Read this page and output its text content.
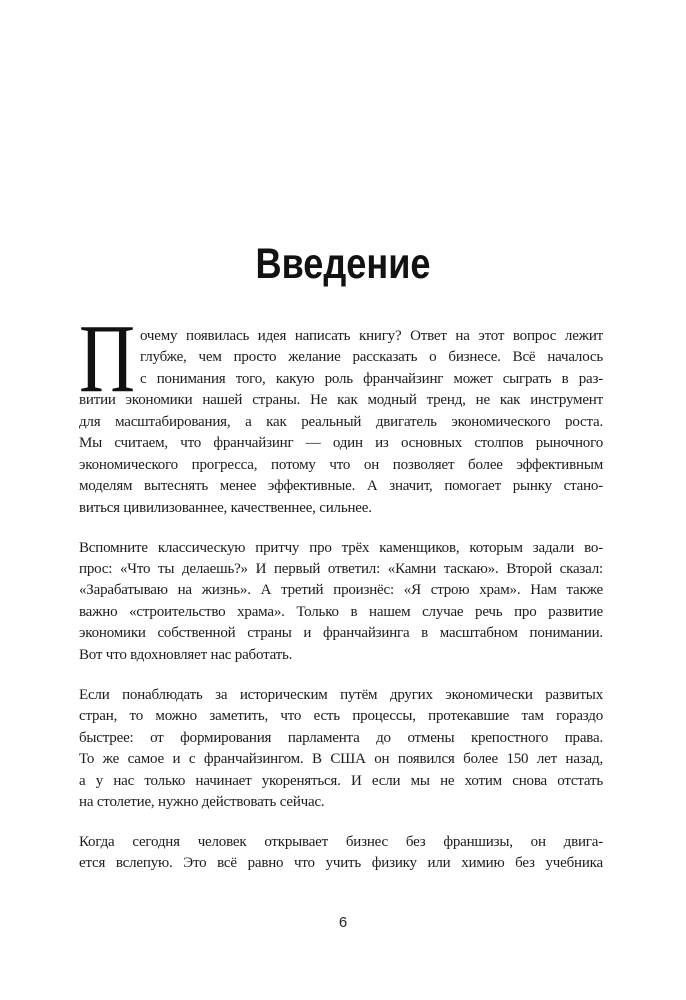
Введение
П очему появилась идея написать книгу? Ответ на этот вопрос лежит
глубже, чем просто желание рассказать о бизнесе. Всё началось
с понимания того, какую роль франчайзинг может сыграть в раз-
витии экономики нашей страны. Не как модный тренд, не как инструмент
для масштабирования, а как реальный двигатель экономического роста.
Мы считаем, что франчайзинг — один из основных столпов рыночного
экономического прогресса, потому что он позволяет более эффективным
моделям вытеснять менее эффективные. А значит, помогает рынку стано-
виться цивилизованнее, качественнее, сильнее.
Вспомните классическую притчу про трёх каменщиков, которым задали во-
прос: «Что ты делаешь?» И первый ответил: «Камни таскаю». Второй сказал:
«Зарабатываю на жизнь». А третий произнёс: «Я строю храм». Нам также
важно «строительство храма». Только в нашем случае речь про развитие
экономики собственной страны и франчайзинга в масштабном понимании.
Вот что вдохновляет нас работать.
Если понаблюдать за историческим путём других экономически развитых
стран, то можно заметить, что есть процессы, протекавшие там гораздо
быстрее: от формирования парламента до отмены крепостного права.
То же самое и с франчайзингом. В США он появился более 150 лет назад,
а у нас только начинает укореняться. И если мы не хотим снова отстать
на столетие, нужно действовать сейчас.
Когда сегодня человек открывает бизнес без франшизы, он двига-
ется вслепую. Это всё равно что учить физику или химию без учебника
6
